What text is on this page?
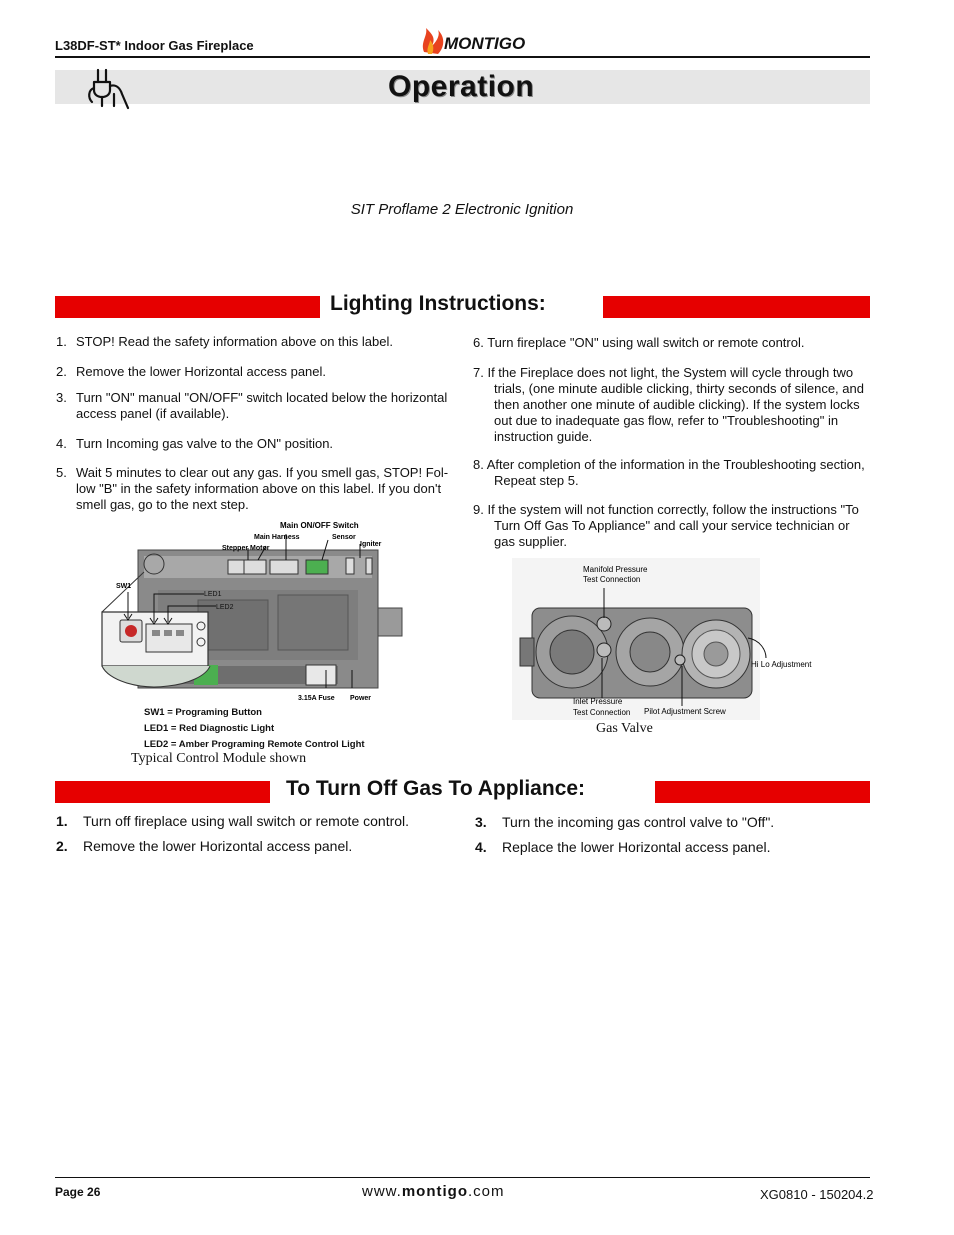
L38DF-ST* Indoor Gas Fireplace	MONTIGO
Operation
SIT Proflame 2 Electronic Ignition
Lighting Instructions:
1. STOP! Read the safety information above on this label.
2. Remove the lower Horizontal access panel.
3. Turn "ON" manual "ON/OFF" switch located below the horizontal access panel (if available).
4. Turn Incoming gas valve to the ON" position.
5. Wait 5 minutes to clear out any gas. If you smell gas, STOP! Fol-low "B" in the safety information above on this label. If you don't smell gas, go to the next step.
6. Turn fireplace "ON" using wall switch or remote control.
7. If the Fireplace does not light, the System will cycle through two
trials, (one minute audible clicking, thirty seconds of silence, and then another one minute of audible clicking). If the system locks out due to inadequate gas flow, refer to "Troubleshooting" in instruction guide.
8. After completion of the information in the Troubleshooting section,
Repeat step 5.
9. If the system will not function correctly, follow the instructions "To
Turn Off Gas To Appliance" and call your service technician or gas supplier.
Main ON/OFF Switch
Main Harness	Sensor
Stepper Motor
Igniter
SW1
LED1
LED2
3.15A Fuse Power
SW1 = Programing Button
LED1 = Red Diagnostic Light
LED2 = Amber Programing Remote Control Light
Typical Control Module shown
Manifold Pressure
Test Connection
Inlet Pressure
Test Connection Pilot Adjustment Screw
Hi Lo Adjustment
Gas Valve
To Turn Off Gas To Appliance:
1. Turn off fireplace using wall switch or remote control.
2. Remove the lower Horizontal access panel.
3. Turn the incoming gas control valve to "Off".
4. Replace the lower Horizontal access panel.
Page 26	www.montigo.com	XG0810 - 150204.2
